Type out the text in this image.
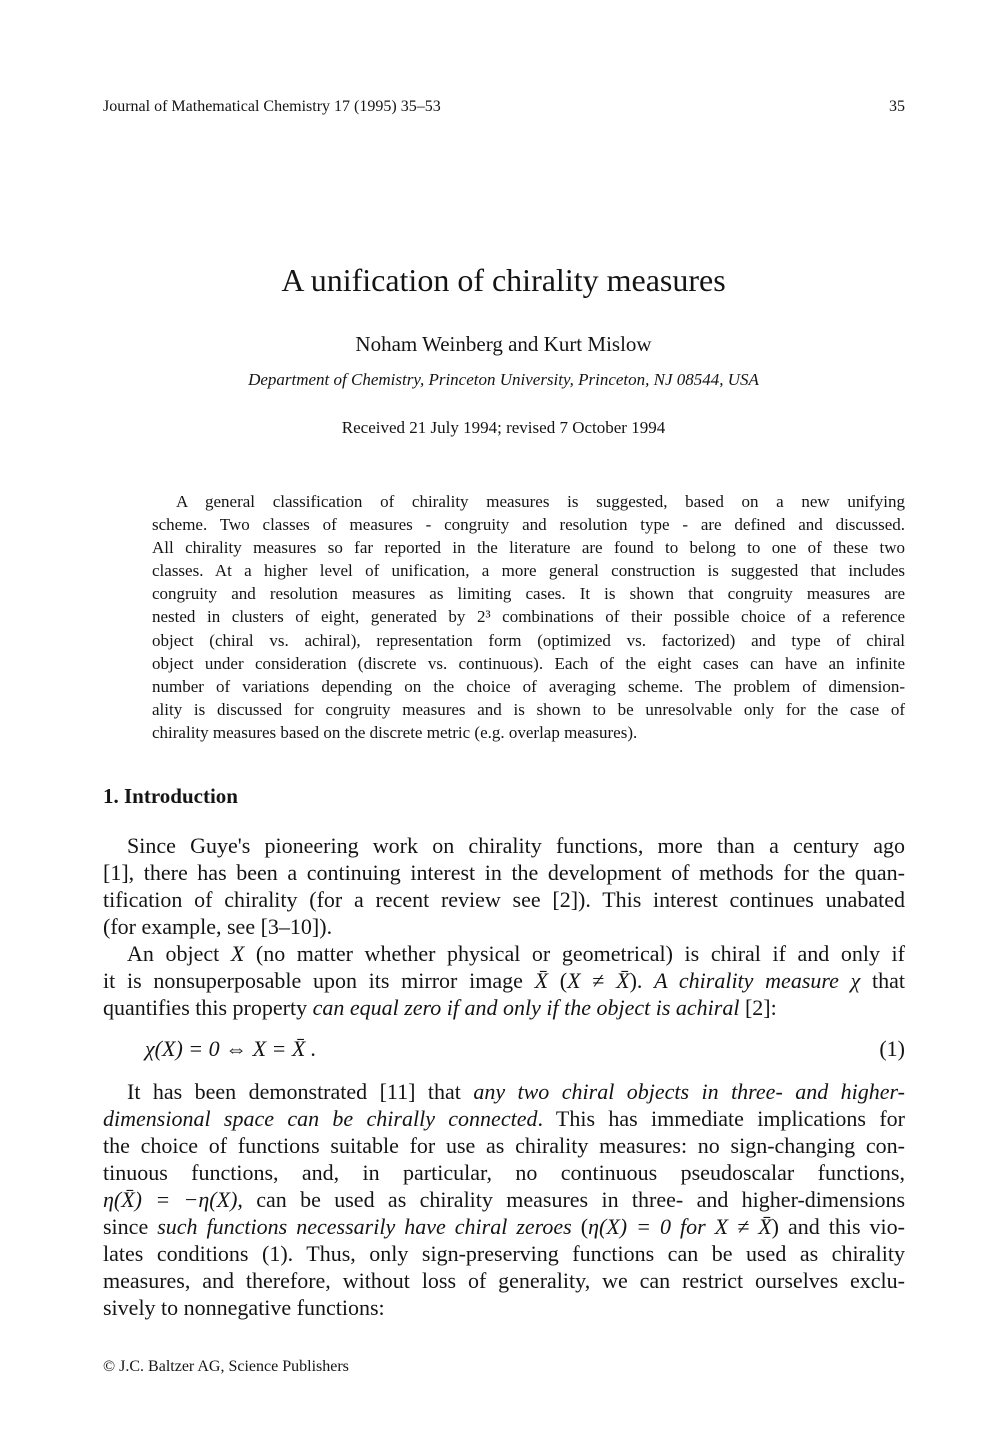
Journal of Mathematical Chemistry 17 (1995) 35–53	35
A unification of chirality measures
Noham Weinberg and Kurt Mislow
Department of Chemistry, Princeton University, Princeton, NJ 08544, USA
Received 21 July 1994; revised 7 October 1994
A general classification of chirality measures is suggested, based on a new unifying
scheme. Two classes of measures - congruity and resolution type - are defined and discussed.
All chirality measures so far reported in the literature are found to belong to one of these two
classes. At a higher level of unification, a more general construction is suggested that includes
congruity and resolution measures as limiting cases. It is shown that congruity measures are
nested in clusters of eight, generated by 2³ combinations of their possible choice of a reference
object (chiral vs. achiral), representation form (optimized vs. factorized) and type of chiral
object under consideration (discrete vs. continuous). Each of the eight cases can have an infinite
number of variations depending on the choice of averaging scheme. The problem of dimension-
ality is discussed for congruity measures and is shown to be unresolvable only for the case of
chirality measures based on the discrete metric (e.g. overlap measures).
1. Introduction
Since Guye's pioneering work on chirality functions, more than a century ago
[1], there has been a continuing interest in the development of methods for the quan-
tification of chirality (for a recent review see [2]). This interest continues unabated
(for example, see [3–10]).
An object X (no matter whether physical or geometrical) is chiral if and only if
it is nonsuperposable upon its mirror image X̄ (X ≠ X̄). A chirality measure χ that
quantifies this property can equal zero if and only if the object is achiral [2]:
χ(X) = 0 ⇔ X = X̄ .	(1)
It has been demonstrated [11] that any two chiral objects in three- and higher-
dimensional space can be chirally connected. This has immediate implications for
the choice of functions suitable for use as chirality measures: no sign-changing con-
tinuous functions, and, in particular, no continuous pseudoscalar functions,
η(X̄) = −η(X), can be used as chirality measures in three- and higher-dimensions
since such functions necessarily have chiral zeroes (η(X) = 0 for X ≠ X̄) and this vio-
lates conditions (1). Thus, only sign-preserving functions can be used as chirality
measures, and therefore, without loss of generality, we can restrict ourselves exclu-
sively to nonnegative functions:
© J.C. Baltzer AG, Science Publishers
